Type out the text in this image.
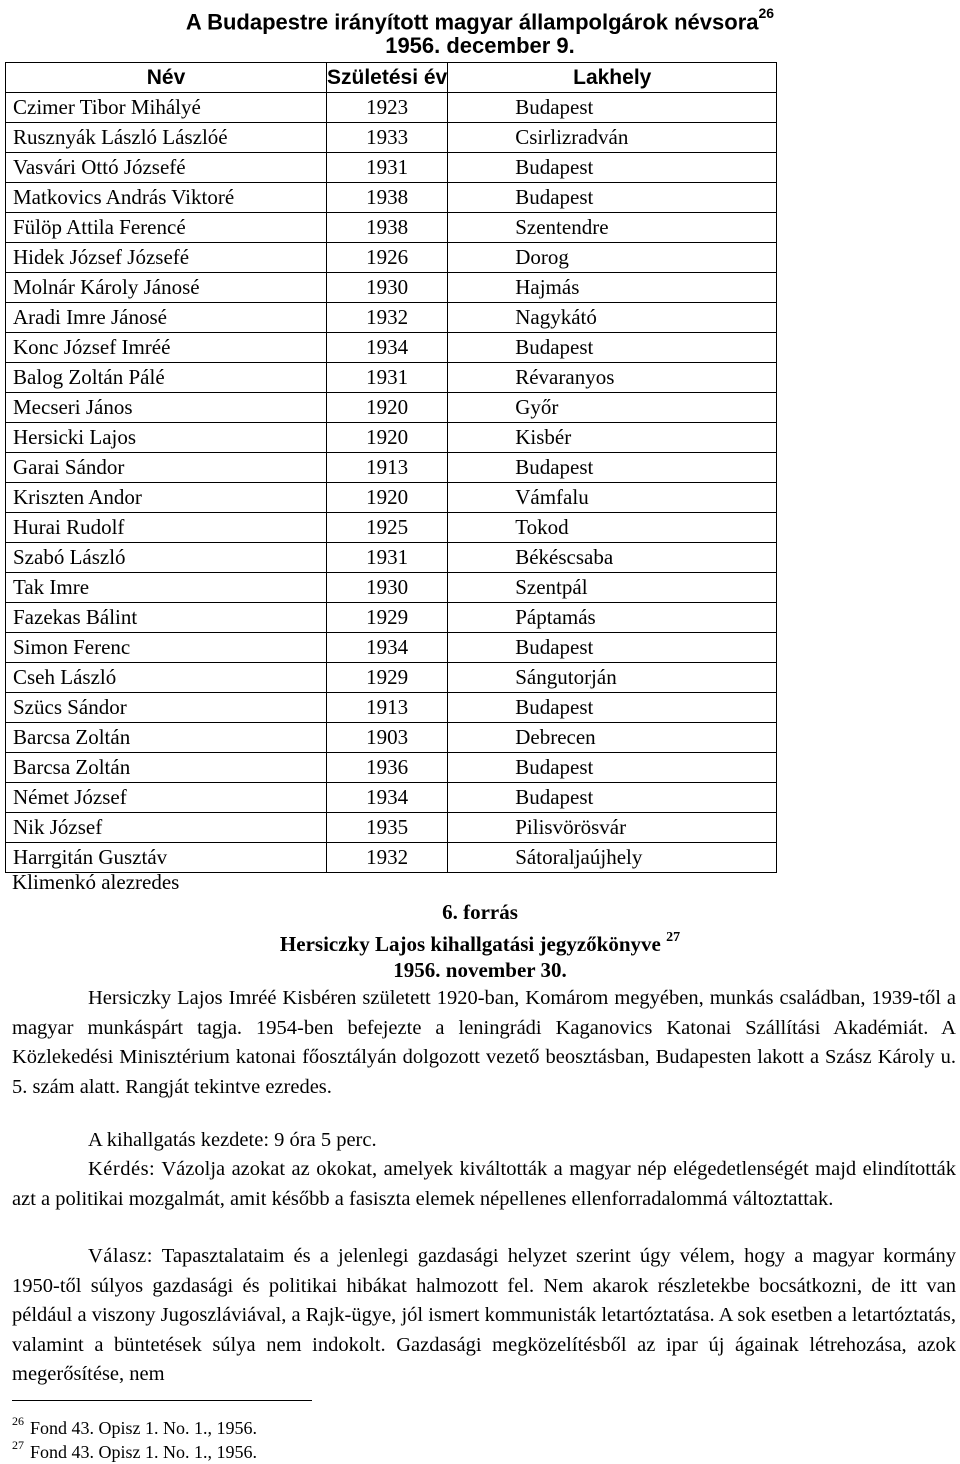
A Budapestre irányított magyar állampolgárok névsora$^{26}$
1956. december 9.
Név	Születési év	Lakhely
Czimer Tibor Mihályé	1923	Budapest
Rusznyák László Lászlóé	1933	Csirlizradván
Vasvári Ottó Józsefé	1931	Budapest
Matkovics András Viktoré	1938	Budapest
Fülöp Attila Ferencé	1938	Szentendre
Hidek József Józsefé	1926	Dorog
Molnár Károly Jánosé	1930	Hajmás
Aradi Imre Jánosé	1932	Nagykátó
Konc József Imréé	1934	Budapest
Balog Zoltán Pálé	1931	Révaranyos
Mecseri János	1920	Győr
Hersicki Lajos	1920	Kisbér
Garai Sándor	1913	Budapest
Kriszten Andor	1920	Vámfalu
Hurai Rudolf	1925	Tokod
Szabó László	1931	Békéscsaba
Tak Imre	1930	Szentpál
Fazekas Bálint	1929	Páptamás
Simon Ferenc	1934	Budapest
Cseh László	1929	Sángutorján
Szücs Sándor	1913	Budapest
Barcsa Zoltán	1903	Debrecen
Barcsa Zoltán	1936	Budapest
Német József	1934	Budapest
Nik József	1935	Pilisvörösvár
Harrgitán Gusztáv	1932	Sátoraljaújhely
Klimenkó alezredes
6. forrás
Hersiczky Lajos kihallgatási jegyzőkönyve $^{27}$
1956. november 30.

Hersiczky Lajos Imréé Kisbéren született 1920-ban, Komárom megyében, munkás családban, 1939-től a magyar munkáspárt tagja. 1954-ben befejezte a leningrádi Kaganovics Katonai Szállítási Akadémiát. A Közlekedési Minisztérium katonai főosztályán dolgozott vezető beosztásban, Budapesten lakott a Szász Károly u. 5. szám alatt. Rangját tekintve ezredes.

A kihallgatás kezdete: 9 óra 5 perc.

Kérdés: Vázolja azokat az okokat, amelyek kiváltották a magyar nép elégedetlenségét majd elindították azt a politikai mozgalmát, amit később a fasiszta elemek népellenes ellenforradalommá változtattak.

Válasz: Tapasztalataim és a jelenlegi gazdasági helyzet szerint úgy vélem, hogy a magyar kormány 1950-től súlyos gazdasági és politikai hibákat halmozott fel. Nem akarok részletekbe bocsátkozni, de itt van például a viszony Jugoszláviával, a Rajk-ügye, jól ismert kommunisták letartóztatása. A sok esetben a letartóztatás, valamint a büntetések súlya nem indokolt. Gazdasági megközelítésből az ipar új ágainak létrehozása, azok megerősítése, nem

$^{26}$ Fond 43. Opisz 1. No. 1., 1956.
$^{27}$ Fond 43. Opisz 1. No. 1., 1956.
